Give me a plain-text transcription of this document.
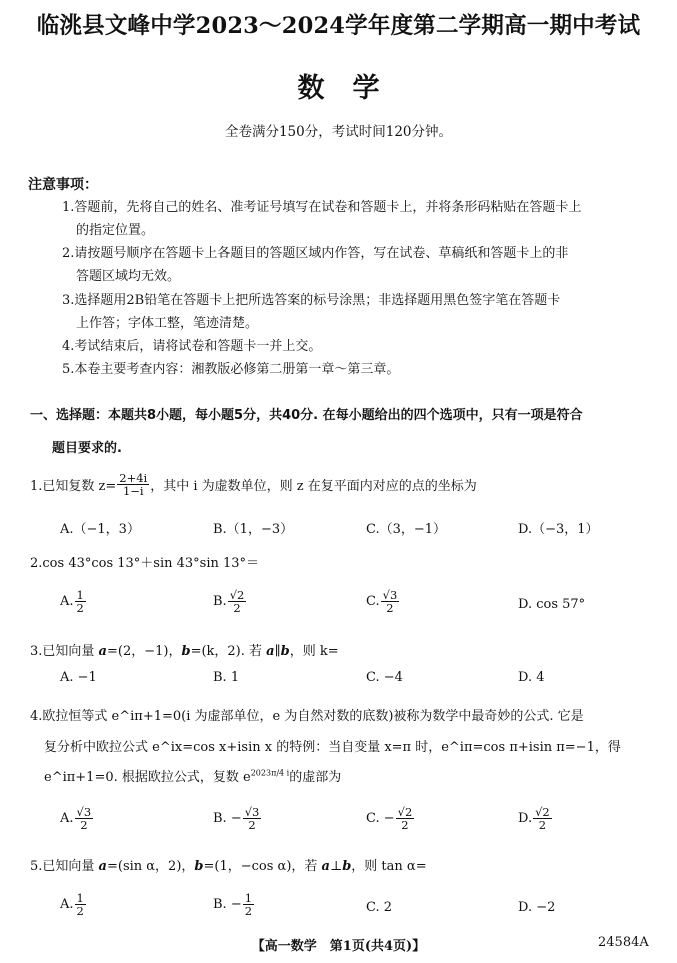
临洮县文峰中学2023～2024学年度第二学期高一期中考试
数学
全卷满分150分，考试时间120分钟。
注意事项：
1.答题前，先将自己的姓名、准考证号填写在试卷和答题卡上，并将条形码粘贴在答题卡上
的指定位置。
2.请按题号顺序在答题卡上各题目的答题区域内作答，写在试卷、草稿纸和答题卡上的非
答题区域均无效。
3.选择题用2B铅笔在答题卡上把所选答案的标号涂黑；非选择题用黑色签字笔在答题卡
上作答；字体工整，笔迹清楚。
4.考试结束后，请将试卷和答题卡一并上交。
5.本卷主要考查内容：湘教版必修第二册第一章～第三章。
一、选择题：本题共8小题，每小题5分，共40分. 在每小题给出的四个选项中，只有一项是符合
题目要求的.
1.已知复数 $z= \frac{2+4i}{1-i}$ ，其中 i 为虚数单位，则 z 在复平面内对应的点的坐标为
A.（−1，3）	B.（1，−3）	C.（3，−1）	D.（−3，1）
2.cos 43°cos 13°＋sin 43°sin 13°＝
A. $\frac{1}{2}$	B. $\frac{√2}{2}$	C. $\frac{√3}{2}$	D. cos 57°
3.已知向量 a=(2，−1)，b=(k，2). 若 a∥b，则 k=
A. −1	B. 1	C. −4	D. 4
4.欧拉恒等式 e^iπ+1=0(i 为虚部单位，e 为自然对数的底数)被称为数学中最奇妙的公式. 它是
复分析中欧拉公式 e^ix=cos x+isin x 的特例：当自变量 x=π 时，e^iπ=cos π+isin π=−1，得
e^iπ+1=0. 根据欧拉公式，复数 $e^{2023\pi/4 i}$的虚部为
A. $\frac{√3}{2}$	B. − $\frac{√3}{2}$	C. − $\frac{√2}{2}$	D. $\frac{√2}{2}$
5.已知向量 a=(sin α，2)，b=(1，−cos α)，若 a⊥b，则 tan α=
A. $\frac{1}{2}$	B. − $\frac{1}{2}$	C. 2	D. −2
【高一数学　第1页(共4页)】	24584A
